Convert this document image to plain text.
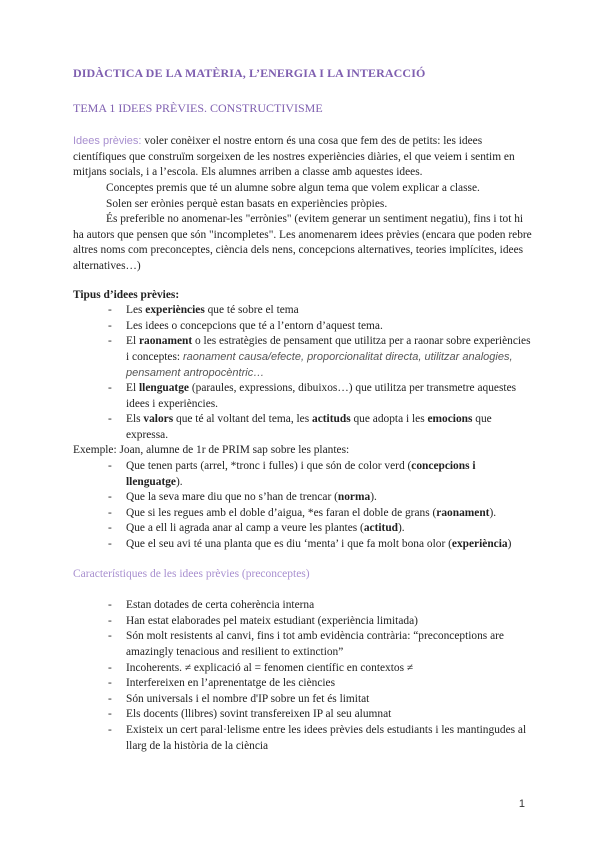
DIDÀCTICA DE LA MATÈRIA, L’ENERGIA I LA INTERACCIÓ
TEMA 1 IDEES PRÈVIES. CONSTRUCTIVISME

Idees prèvies: voler conèixer el nostre entorn és una cosa que fem des de petits: les idees científiques que construïm sorgeixen de les nostres experiències diàries, el que veiem i sentim en mitjans socials, i a l’escola. Els alumnes arriben a classe amb aquestes idees.

Conceptes premis que té un alumne sobre algun tema que volem explicar a classe.

Solen ser erònies perquè estan basats en experiències pròpies.

És preferible no anomenar-les "errònies" (evitem generar un sentiment negatiu), fins i tot hi ha autors que pensen que són "incompletes". Les anomenarem idees prèvies (encara que poden rebre altres noms com preconceptes, ciència dels nens, concepcions alternatives, teories implícites, idees alternatives…)

Tipus d’idees prèvies:

- Les experiències que té sobre el tema
- Les idees o concepcions que té a l’entorn d’aquest tema.
- El raonament o les estratègies de pensament que utilitza per a raonar sobre experiències i conceptes: raonament causa/efecte, proporcionalitat directa, utilitzar analogies, pensament antropocèntric…
- El llenguatge (paraules, expressions, dibuixos…) que utilitza per transmetre aquestes idees i experiències.
- Els valors que té al voltant del tema, les actituds que adopta i les emocions que expressa.

Exemple: Joan, alumne de 1r de PRIM sap sobre les plantes:

- Que tenen parts (arrel, *tronc i fulles) i que són de color verd (concepcions i llenguatge).
- Que la seva mare diu que no s’han de trencar (norma).
- Que si les regues amb el doble d’aigua, *es faran el doble de grans (raonament).
- Que a ell li agrada anar al camp a veure les plantes (actitud).
- Que el seu avi té una planta que es diu ‘menta’ i que fa molt bona olor (experiència)
Característiques de les idees prèvies (preconceptes)
- Estan dotades de certa coherència interna
- Han estat elaborades pel mateix estudiant (experiència limitada)
- Són molt resistents al canvi, fins i tot amb evidència contrària: “preconceptions are amazingly tenacious and resilient to extinction”
- Incoherents. ≠ explicació al = fenomen científic en contextos ≠
- Interfereixen en l’aprenentatge de les ciències
- Són universals i el nombre d'IP sobre un fet és limitat
- Els docents (llibres) sovint transfereixen IP al seu alumnat
- Existeix un cert paral·lelisme entre les idees prèvies dels estudiants i les mantingudes al llarg de la història de la ciència
1
